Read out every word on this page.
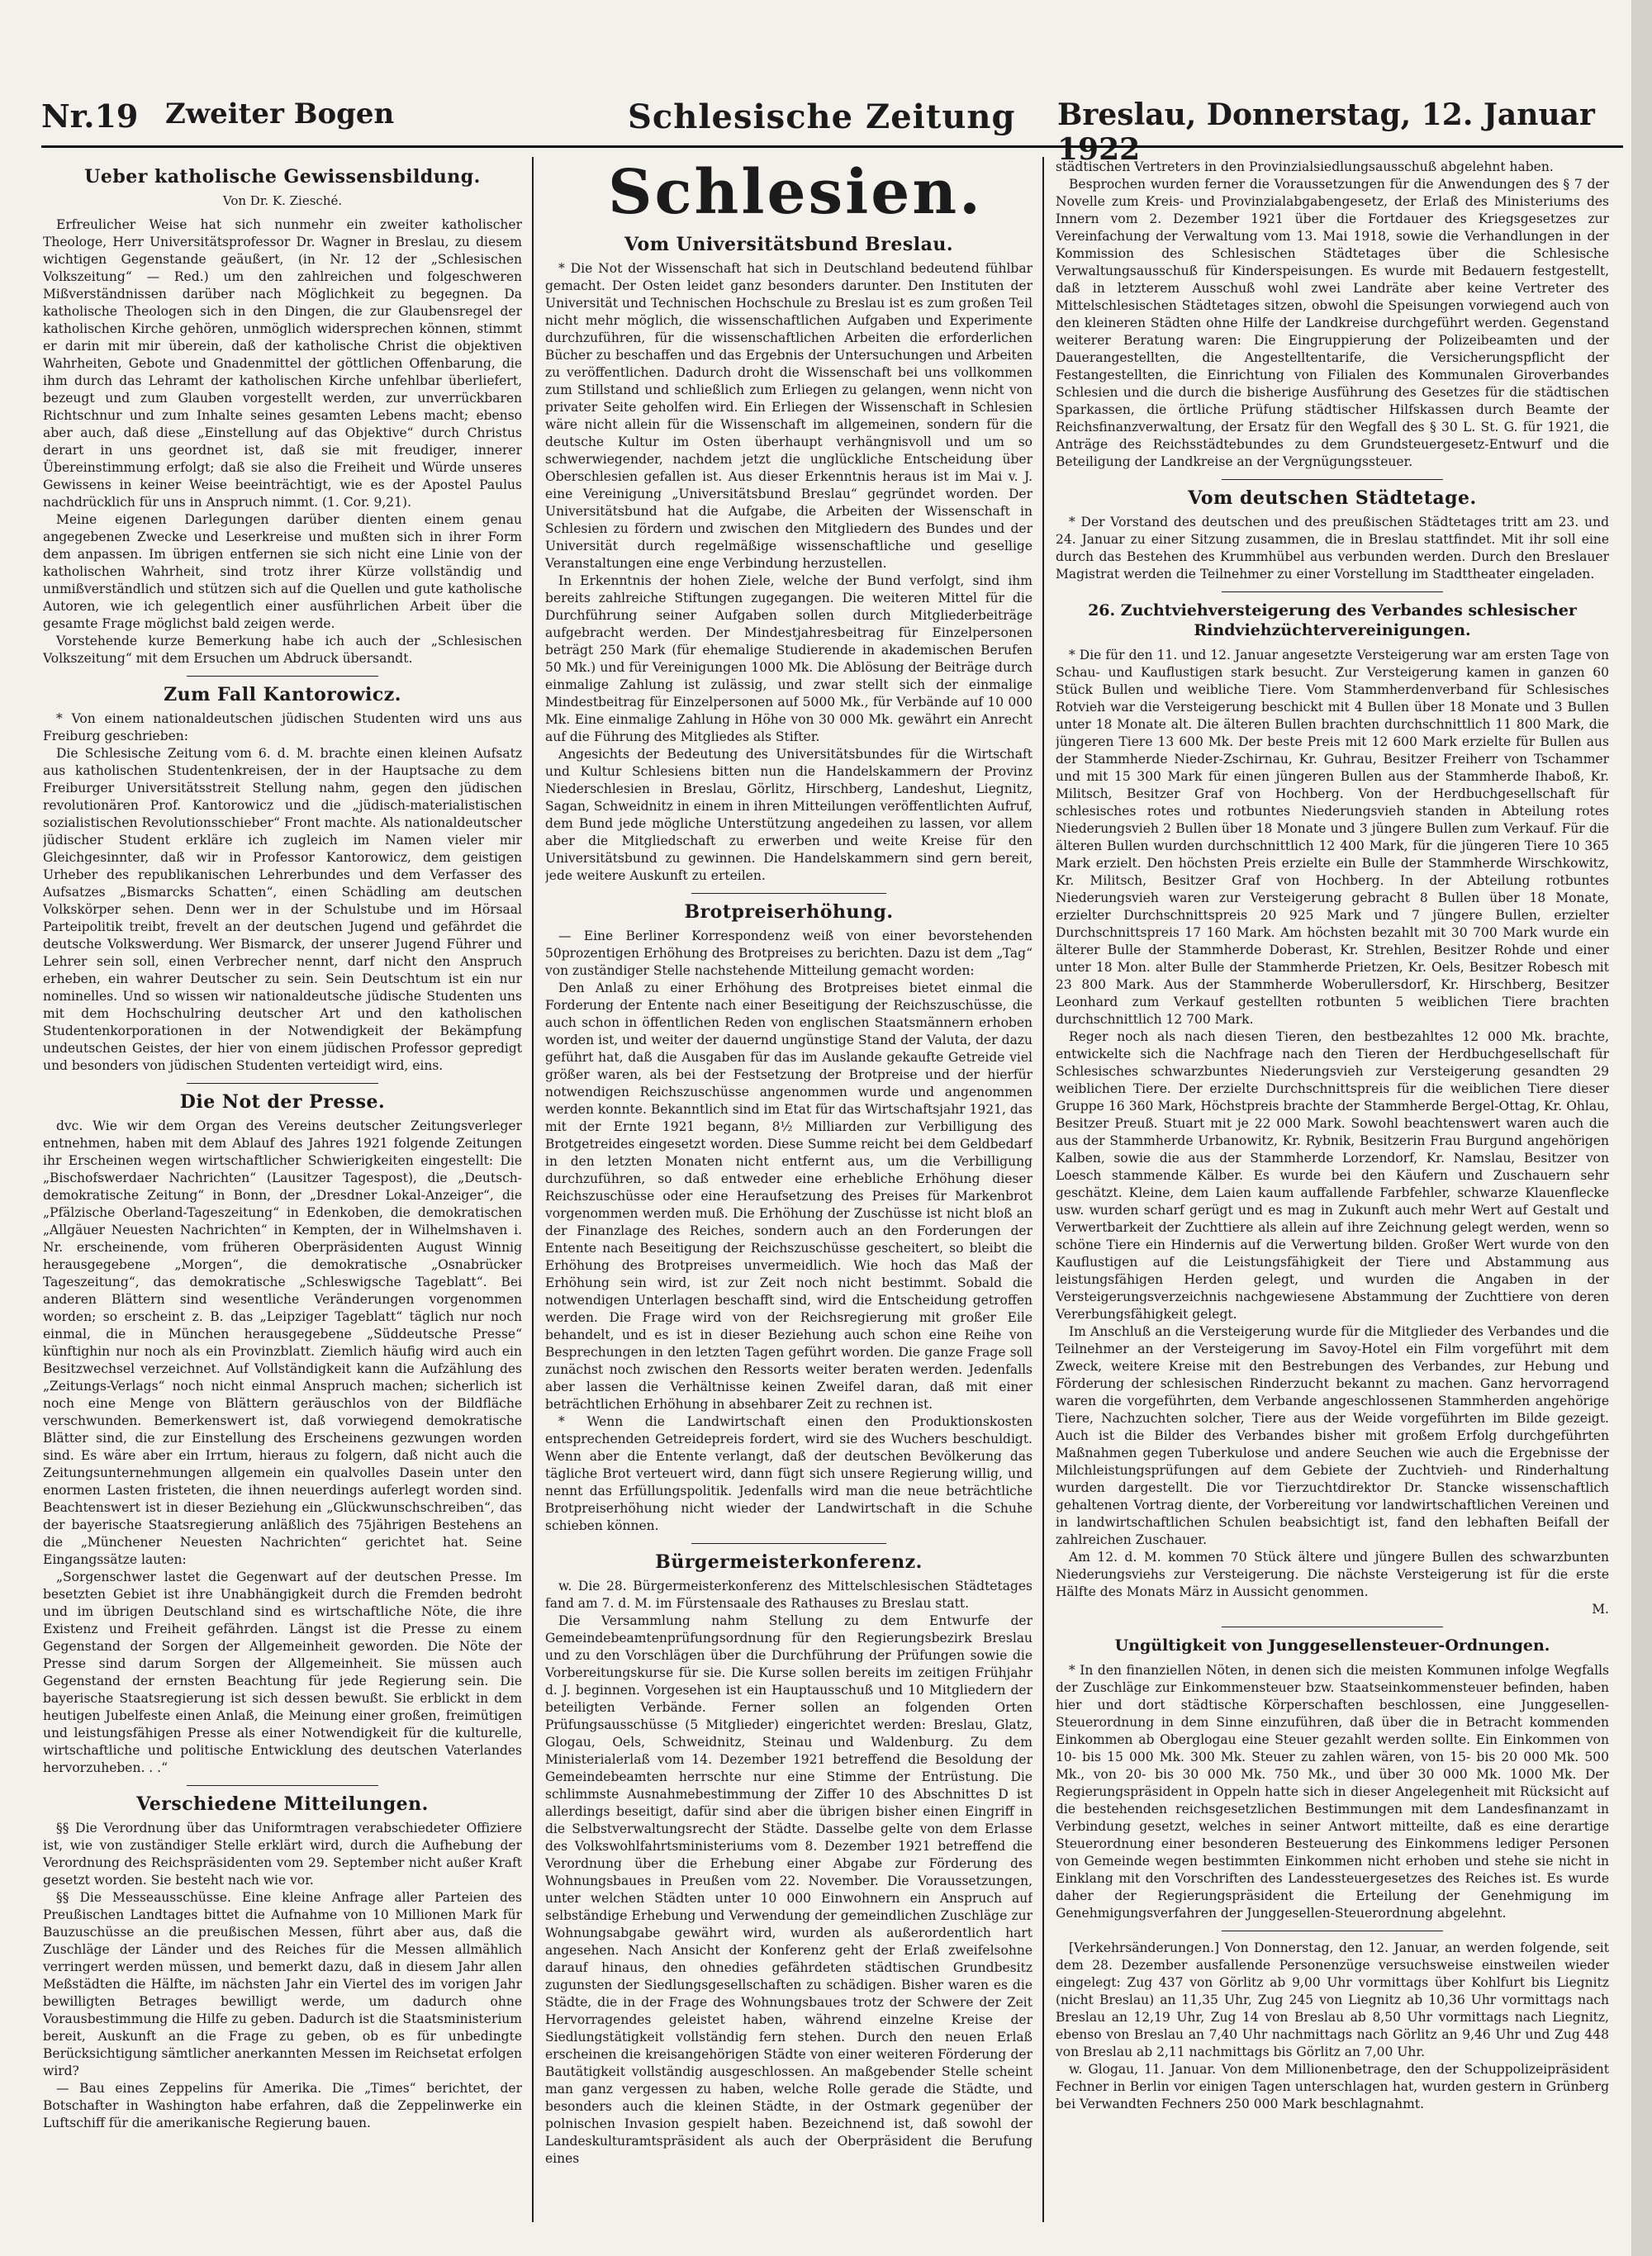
Nr.19 Zweiter Bogen	Schlesische Zeitung Breslau, Donnerstag, 12. Januar 1922

Ueber katholische Gewissensbildung.

Von Dr. K. Ziesché.

Erfreulicher Weise hat sich nunmehr ein zweiter katholischer Theologe, Herr Universitätsprofessor Dr. Wagner in Breslau, zu diesem wichtigen Gegenstande geäußert, (in Nr. 12 der „Schlesischen Volkszeitung“ — Red.) um den zahlreichen und folgeschweren Mißverständnissen darüber nach Möglichkeit zu begegnen. Da katholische Theologen sich in den Dingen, die zur Glaubensregel der katholischen Kirche gehören, unmöglich widersprechen können, stimmt er darin mit mir überein, daß der katholische Christ die objektiven Wahrheiten, Gebote und Gnadenmittel der göttlichen Offenbarung, die ihm durch das Lehramt der katholischen Kirche unfehlbar überliefert, bezeugt und zum Glauben vorgestellt werden, zur unverrückbaren Richtschnur und zum Inhalte seines gesamten Lebens macht; ebenso aber auch, daß diese „Einstellung auf das Objektive“ durch Christus derart in uns geordnet ist, daß sie mit freudiger, innerer Übereinstimmung erfolgt; daß sie also die Freiheit und Würde unseres Gewissens in keiner Weise beeinträchtigt, wie es der Apostel Paulus nachdrücklich für uns in Anspruch nimmt. (1. Cor. 9,21).

Meine eigenen Darlegungen darüber dienten einem genau angegebenen Zwecke und Leserkreise und mußten sich in ihrer Form dem anpassen. Im übrigen entfernen sie sich nicht eine Linie von der katholischen Wahrheit, sind trotz ihrer Kürze vollständig und unmißverständlich und stützen sich auf die Quellen und gute katholische Autoren, wie ich gelegentlich einer ausführlichen Arbeit über die gesamte Frage möglichst bald zeigen werde.

Vorstehende kurze Bemerkung habe ich auch der „Schlesischen Volkszeitung“ mit dem Ersuchen um Abdruck übersandt.

Zum Fall Kantorowicz.

* Von einem nationaldeutschen jüdischen Studenten wird uns aus Freiburg geschrieben:

Die Schlesische Zeitung vom 6. d. M. brachte einen kleinen Aufsatz aus katholischen Studentenkreisen, der in der Hauptsache zu dem Freiburger Universitätsstreit Stellung nahm, gegen den jüdischen revolutionären Prof. Kantorowicz und die „jüdisch-materialistischen sozialistischen Revolutionsschieber“ Front machte. Als nationaldeutscher jüdischer Student erkläre ich zugleich im Namen vieler mir Gleichgesinnter, daß wir in Professor Kantorowicz, dem geistigen Urheber des republikanischen Lehrerbundes und dem Verfasser des Aufsatzes „Bismarcks Schatten“, einen Schädling am deutschen Volkskörper sehen. Denn wer in der Schulstube und im Hörsaal Parteipolitik treibt, frevelt an der deutschen Jugend und gefährdet die deutsche Volkswerdung. Wer Bismarck, der unserer Jugend Führer und Lehrer sein soll, einen Verbrecher nennt, darf nicht den Anspruch erheben, ein wahrer Deutscher zu sein. Sein Deutschtum ist ein nur nominelles. Und so wissen wir nationaldeutsche jüdische Studenten uns mit dem Hochschulring deutscher Art und den katholischen Studentenkorporationen in der Notwendigkeit der Bekämpfung undeutschen Geistes, der hier von einem jüdischen Professor gepredigt und besonders von jüdischen Studenten verteidigt wird, eins.

Die Not der Presse.

dvc. Wie wir dem Organ des Vereins deutscher Zeitungsverleger entnehmen, haben mit dem Ablauf des Jahres 1921 folgende Zeitungen ihr Erscheinen wegen wirtschaftlicher Schwierigkeiten eingestellt: Die „Bischofswerdaer Nachrichten“ (Lausitzer Tagespost), die „Deutsch-demokratische Zeitung“ in Bonn, der „Dresdner Lokal-Anzeiger“, die „Pfälzische Oberland-Tageszeitung“ in Edenkoben, die demokratischen „Allgäuer Neuesten Nachrichten“ in Kempten, der in Wilhelmshaven i. Nr. erscheinende, vom früheren Oberpräsidenten August Winnig herausgegebene „Morgen“, die demokratische „Osnabrücker Tageszeitung“, das demokratische „Schleswigsche Tageblatt“. Bei anderen Blättern sind wesentliche Veränderungen vorgenommen worden; so erscheint z. B. das „Leipziger Tageblatt“ täglich nur noch einmal, die in München herausgegebene „Süddeutsche Presse“ künftighin nur noch als ein Provinzblatt. Ziemlich häufig wird auch ein Besitzwechsel verzeichnet. Auf Vollständigkeit kann die Aufzählung des „Zeitungs-Verlags“ noch nicht einmal Anspruch machen; sicherlich ist noch eine Menge von Blättern geräuschlos von der Bildfläche verschwunden. Bemerkenswert ist, daß vorwiegend demokratische Blätter sind, die zur Einstellung des Erscheinens gezwungen worden sind. Es wäre aber ein Irrtum, hieraus zu folgern, daß nicht auch die Zeitungsunternehmungen allgemein ein qualvolles Dasein unter den enormen Lasten fristeten, die ihnen neuerdings auferlegt worden sind. Beachtenswert ist in dieser Beziehung ein „Glückwunschschreiben“, das der bayerische Staatsregierung anläßlich des 75jährigen Bestehens an die „Münchener Neuesten Nachrichten“ gerichtet hat. Seine Eingangssätze lauten:

„Sorgenschwer lastet die Gegenwart auf der deutschen Presse. Im besetzten Gebiet ist ihre Unabhängigkeit durch die Fremden bedroht und im übrigen Deutschland sind es wirtschaftliche Nöte, die ihre Existenz und Freiheit gefährden. Längst ist die Presse zu einem Gegenstand der Sorgen der Allgemeinheit geworden. Die Nöte der Presse sind darum Sorgen der Allgemeinheit. Sie müssen auch Gegenstand der ernsten Beachtung für jede Regierung sein. Die bayerische Staatsregierung ist sich dessen bewußt. Sie erblickt in dem heutigen Jubelfeste einen Anlaß, die Meinung einer großen, freimütigen und leistungsfähigen Presse als einer Notwendigkeit für die kulturelle, wirtschaftliche und politische Entwicklung des deutschen Vaterlandes hervorzuheben. . .“

Verschiedene Mitteilungen.

§§ Die Verordnung über das Uniformtragen verabschiedeter Offiziere ist, wie von zuständiger Stelle erklärt wird, durch die Aufhebung der Verordnung des Reichspräsidenten vom 29. September nicht außer Kraft gesetzt worden. Sie besteht nach wie vor.

§§ Die Messeausschüsse. Eine kleine Anfrage aller Parteien des Preußischen Landtages bittet die Aufnahme von 10 Millionen Mark für Bauzuschüsse an die preußischen Messen, führt aber aus, daß die Zuschläge der Länder und des Reiches für die Messen allmählich verringert werden müssen, und bemerkt dazu, daß in diesem Jahr allen Meßstädten die Hälfte, im nächsten Jahr ein Viertel des im vorigen Jahr bewilligten Betrages bewilligt werde, um dadurch ohne Vorausbestimmung die Hilfe zu geben. Dadurch ist die Staatsministerium bereit, Auskunft an die Frage zu geben, ob es für unbedingte Berücksichtigung sämtlicher anerkannten Messen im Reichsetat erfolgen wird?

— Bau eines Zeppelins für Amerika. Die „Times“ berichtet, der Botschafter in Washington habe erfahren, daß die Zeppelinwerke ein Luftschiff für die amerikanische Regierung bauen.

Schlesien.

Vom Universitätsbund Breslau.

* Die Not der Wissenschaft hat sich in Deutschland bedeutend fühlbar gemacht. Der Osten leidet ganz besonders darunter. Den Instituten der Universität und Technischen Hochschule zu Breslau ist es zum großen Teil nicht mehr möglich, die wissenschaftlichen Aufgaben und Experimente durchzuführen, für die wissenschaftlichen Arbeiten die erforderlichen Bücher zu beschaffen und das Ergebnis der Untersuchungen und Arbeiten zu veröffentlichen. Dadurch droht die Wissenschaft bei uns vollkommen zum Stillstand und schließlich zum Erliegen zu gelangen, wenn nicht von privater Seite geholfen wird. Ein Erliegen der Wissenschaft in Schlesien wäre nicht allein für die Wissenschaft im allgemeinen, sondern für die deutsche Kultur im Osten überhaupt verhängnisvoll und um so schwerwiegender, nachdem jetzt die unglückliche Entscheidung über Oberschlesien gefallen ist. Aus dieser Erkenntnis heraus ist im Mai v. J. eine Vereinigung „Universitätsbund Breslau“ gegründet worden. Der Universitätsbund hat die Aufgabe, die Arbeiten der Wissenschaft in Schlesien zu fördern und zwischen den Mitgliedern des Bundes und der Universität durch regelmäßige wissenschaftliche und gesellige Veranstaltungen eine enge Verbindung herzustellen.

In Erkenntnis der hohen Ziele, welche der Bund verfolgt, sind ihm bereits zahlreiche Stiftungen zugegangen. Die weiteren Mittel für die Durchführung seiner Aufgaben sollen durch Mitgliederbeiträge aufgebracht werden. Der Mindestjahresbeitrag für Einzelpersonen beträgt 250 Mark (für ehemalige Studierende in akademischen Berufen 50 Mk.) und für Vereinigungen 1000 Mk. Die Ablösung der Beiträge durch einmalige Zahlung ist zulässig, und zwar stellt sich der einmalige Mindestbeitrag für Einzelpersonen auf 5000 Mk., für Verbände auf 10 000 Mk. Eine einmalige Zahlung in Höhe von 30 000 Mk. gewährt ein Anrecht auf die Führung des Mitgliedes als Stifter.

Angesichts der Bedeutung des Universitätsbundes für die Wirtschaft und Kultur Schlesiens bitten nun die Handelskammern der Provinz Niederschlesien in Breslau, Görlitz, Hirschberg, Landeshut, Liegnitz, Sagan, Schweidnitz in einem in ihren Mitteilungen veröffentlichten Aufruf, dem Bund jede mögliche Unterstützung angedeihen zu lassen, vor allem aber die Mitgliedschaft zu erwerben und weite Kreise für den Universitätsbund zu gewinnen. Die Handelskammern sind gern bereit, jede weitere Auskunft zu erteilen.

Brotpreiserhöhung.

— Eine Berliner Korrespondenz weiß von einer bevorstehenden 50prozentigen Erhöhung des Brotpreises zu berichten. Dazu ist dem „Tag“ von zuständiger Stelle nachstehende Mitteilung gemacht worden:

Den Anlaß zu einer Erhöhung des Brotpreises bietet einmal die Forderung der Entente nach einer Beseitigung der Reichszuschüsse, die auch schon in öffentlichen Reden von englischen Staatsmännern erhoben worden ist, und weiter der dauernd ungünstige Stand der Valuta, der dazu geführt hat, daß die Ausgaben für das im Auslande gekaufte Getreide viel größer waren, als bei der Festsetzung der Brotpreise und der hierfür notwendigen Reichszuschüsse angenommen wurde und angenommen werden konnte. Bekanntlich sind im Etat für das Wirtschaftsjahr 1921, das mit der Ernte 1921 begann, 8½ Milliarden zur Verbilligung des Brotgetreides eingesetzt worden. Diese Summe reicht bei dem Geldbedarf in den letzten Monaten nicht entfernt aus, um die Verbilligung durchzuführen, so daß entweder eine erhebliche Erhöhung dieser Reichszuschüsse oder eine Heraufsetzung des Preises für Markenbrot vorgenommen werden muß. Die Erhöhung der Zuschüsse ist nicht bloß an der Finanzlage des Reiches, sondern auch an den Forderungen der Entente nach Beseitigung der Reichszuschüsse gescheitert, so bleibt die Erhöhung des Brotpreises unvermeidlich. Wie hoch das Maß der Erhöhung sein wird, ist zur Zeit noch nicht bestimmt. Sobald die notwendigen Unterlagen beschafft sind, wird die Entscheidung getroffen werden. Die Frage wird von der Reichsregierung mit großer Eile behandelt, und es ist in dieser Beziehung auch schon eine Reihe von Besprechungen in den letzten Tagen geführt worden. Die ganze Frage soll zunächst noch zwischen den Ressorts weiter beraten werden. Jedenfalls aber lassen die Verhältnisse keinen Zweifel daran, daß mit einer beträchtlichen Erhöhung in absehbarer Zeit zu rechnen ist.

* Wenn die Landwirtschaft einen den Produktionskosten entsprechenden Getreidepreis fordert, wird sie des Wuchers beschuldigt. Wenn aber die Entente verlangt, daß der deutschen Bevölkerung das tägliche Brot verteuert wird, dann fügt sich unsere Regierung willig, und nennt das Erfüllungspolitik. Jedenfalls wird man die neue beträchtliche Brotpreiserhöhung nicht wieder der Landwirtschaft in die Schuhe schieben können.

Bürgermeisterkonferenz.

w. Die 28. Bürgermeisterkonferenz des Mittelschlesischen Städtetages fand am 7. d. M. im Fürstensaale des Rathauses zu Breslau statt.

Die Versammlung nahm Stellung zu dem Entwurfe der Gemeindebeamtenprüfungsordnung für den Regierungsbezirk Breslau und zu den Vorschlägen über die Durchführung der Prüfungen sowie die Vorbereitungskurse für sie. Die Kurse sollen bereits im zeitigen Frühjahr d. J. beginnen. Vorgesehen ist ein Hauptausschuß und 10 Mitgliedern der beteiligten Verbände. Ferner sollen an folgenden Orten Prüfungsausschüsse (5 Mitglieder) eingerichtet werden: Breslau, Glatz, Glogau, Oels, Schweidnitz, Steinau und Waldenburg. Zu dem Ministerialerlaß vom 14. Dezember 1921 betreffend die Besoldung der Gemeindebeamten herrschte nur eine Stimme der Entrüstung. Die schlimmste Ausnahmebestimmung der Ziffer 10 des Abschnittes D ist allerdings beseitigt, dafür sind aber die übrigen bisher einen Eingriff in die Selbstverwaltungsrecht der Städte. Dasselbe gelte von dem Erlasse des Volkswohlfahrtsministeriums vom 8. Dezember 1921 betreffend die Verordnung über die Erhebung einer Abgabe zur Förderung des Wohnungsbaues in Preußen vom 22. November. Die Voraussetzungen, unter welchen Städten unter 10 000 Einwohnern ein Anspruch auf selbständige Erhebung und Verwendung der gemeindlichen Zuschläge zur Wohnungsabgabe gewährt wird, wurden als außerordentlich hart angesehen. Nach Ansicht der Konferenz geht der Erlaß zweifelsohne darauf hinaus, den ohnedies gefährdeten städtischen Grundbesitz zugunsten der Siedlungsgesellschaften zu schädigen. Bisher waren es die Städte, die in der Frage des Wohnungsbaues trotz der Schwere der Zeit Hervorragendes geleistet haben, während einzelne Kreise der Siedlungstätigkeit vollständig fern stehen. Durch den neuen Erlaß erscheinen die kreisangehörigen Städte von einer weiteren Förderung der Bautätigkeit vollständig ausgeschlossen. An maßgebender Stelle scheint man ganz vergessen zu haben, welche Rolle gerade die Städte, und besonders auch die kleinen Städte, in der Ostmark gegenüber der polnischen Invasion gespielt haben. Bezeichnend ist, daß sowohl der Landeskulturamtspräsident als auch der Oberpräsident die Berufung eines

städtischen Vertreters in den Provinzialsiedlungsausschuß abgelehnt haben.

Besprochen wurden ferner die Voraussetzungen für die Anwendungen des § 7 der Novelle zum Kreis- und Provinzialabgabengesetz, der Erlaß des Ministeriums des Innern vom 2. Dezember 1921 über die Fortdauer des Kriegsgesetzes zur Vereinfachung der Verwaltung vom 13. Mai 1918, sowie die Verhandlungen in der Kommission des Schlesischen Städtetages über die Schlesische Verwaltungsausschuß für Kinderspeisungen. Es wurde mit Bedauern festgestellt, daß in letzterem Ausschuß wohl zwei Landräte aber keine Vertreter des Mittelschlesischen Städtetages sitzen, obwohl die Speisungen vorwiegend auch von den kleineren Städten ohne Hilfe der Landkreise durchgeführt werden. Gegenstand weiterer Beratung waren: Die Eingruppierung der Polizeibeamten und der Dauerangestellten, die Angestelltentarife, die Versicherungspflicht der Festangestellten, die Einrichtung von Filialen des Kommunalen Giroverbandes Schlesien und die durch die bisherige Ausführung des Gesetzes für die städtischen Sparkassen, die örtliche Prüfung städtischer Hilfskassen durch Beamte der Reichsfinanzverwaltung, der Ersatz für den Wegfall des § 30 L. St. G. für 1921, die Anträge des Reichsstädtebundes zu dem Grundsteuergesetz-Entwurf und die Beteiligung der Landkreise an der Vergnügungssteuer.

Vom deutschen Städtetage.

* Der Vorstand des deutschen und des preußischen Städtetages tritt am 23. und 24. Januar zu einer Sitzung zusammen, die in Breslau stattfindet. Mit ihr soll eine durch das Bestehen des Krummhübel aus verbunden werden. Durch den Breslauer Magistrat werden die Teilnehmer zu einer Vorstellung im Stadttheater eingeladen.

26. Zuchtviehversteigerung des Verbandes schlesischer Rindviehzüchtervereinigungen.

* Die für den 11. und 12. Januar angesetzte Versteigerung war am ersten Tage von Schau- und Kauflustigen stark besucht. Zur Versteigerung kamen in ganzen 60 Stück Bullen und weibliche Tiere. Vom Stammherdenverband für Schlesisches Rotvieh war die Versteigerung beschickt mit 4 Bullen über 18 Monate und 3 Bullen unter 18 Monate alt. Die älteren Bullen brachten durchschnittlich 11 800 Mark, die jüngeren Tiere 13 600 Mk. Der beste Preis mit 12 600 Mark erzielte für Bullen aus der Stammherde Nieder-Zschirnau, Kr. Guhrau, Besitzer Freiherr von Tschammer und mit 15 300 Mark für einen jüngeren Bullen aus der Stammherde Ihaboß, Kr. Militsch, Besitzer Graf von Hochberg. Von der Herdbuchgesellschaft für schlesisches rotes und rotbuntes Niederungsvieh standen in Abteilung rotes Niederungsvieh 2 Bullen über 18 Monate und 3 jüngere Bullen zum Verkauf. Für die älteren Bullen wurden durchschnittlich 12 400 Mark, für die jüngeren Tiere 10 365 Mark erzielt. Den höchsten Preis erzielte ein Bulle der Stammherde Wirschkowitz, Kr. Militsch, Besitzer Graf von Hochberg. In der Abteilung rotbuntes Niederungsvieh waren zur Versteigerung gebracht 8 Bullen über 18 Monate, erzielter Durchschnittspreis 20 925 Mark und 7 jüngere Bullen, erzielter Durchschnittspreis 17 160 Mark. Am höchsten bezahlt mit 30 700 Mark wurde ein älterer Bulle der Stammherde Doberast, Kr. Strehlen, Besitzer Rohde und einer unter 18 Mon. alter Bulle der Stammherde Prietzen, Kr. Oels, Besitzer Robesch mit 23 800 Mark. Aus der Stammherde Woberullersdorf, Kr. Hirschberg, Besitzer Leonhard zum Verkauf gestellten rotbunten 5 weiblichen Tiere brachten durchschnittlich 12 700 Mark.

Reger noch als nach diesen Tieren, den bestbezahltes 12 000 Mk. brachte, entwickelte sich die Nachfrage nach den Tieren der Herdbuchgesellschaft für Schlesisches schwarzbuntes Niederungsvieh zur Versteigerung gesandten 29 weiblichen Tiere. Der erzielte Durchschnittspreis für die weiblichen Tiere dieser Gruppe 16 360 Mark, Höchstpreis brachte der Stammherde Bergel-Ottag, Kr. Ohlau, Besitzer Preuß. Stuart mit je 22 000 Mark. Sowohl beachtenswert waren auch die aus der Stammherde Urbanowitz, Kr. Rybnik, Besitzerin Frau Burgund angehörigen Kalben, sowie die aus der Stammherde Lorzendorf, Kr. Namslau, Besitzer von Loesch stammende Kälber. Es wurde bei den Käufern und Zuschauern sehr geschätzt. Kleine, dem Laien kaum auffallende Farbfehler, schwarze Klauenflecke usw. wurden scharf gerügt und es mag in Zukunft auch mehr Wert auf Gestalt und Verwertbarkeit der Zuchttiere als allein auf ihre Zeichnung gelegt werden, wenn so schöne Tiere ein Hindernis auf die Verwertung bilden. Großer Wert wurde von den Kauflustigen auf die Leistungsfähigkeit der Tiere und Abstammung aus leistungsfähigen Herden gelegt, und wurden die Angaben in der Versteigerungsverzeichnis nachgewiesene Abstammung der Zuchttiere von deren Vererbungsfähigkeit gelegt.

Im Anschluß an die Versteigerung wurde für die Mitglieder des Verbandes und die Teilnehmer an der Versteigerung im Savoy-Hotel ein Film vorgeführt mit dem Zweck, weitere Kreise mit den Bestrebungen des Verbandes, zur Hebung und Förderung der schlesischen Rinderzucht bekannt zu machen. Ganz hervorragend waren die vorgeführten, dem Verbande angeschlossenen Stammherden angehörige Tiere, Nachzuchten solcher, Tiere aus der Weide vorgeführten im Bilde gezeigt. Auch ist die Bilder des Verbandes bisher mit großem Erfolg durchgeführten Maßnahmen gegen Tuberkulose und andere Seuchen wie auch die Ergebnisse der Milchleistungsprüfungen auf dem Gebiete der Zuchtvieh- und Rinderhaltung wurden dargestellt. Die vor Tierzuchtdirektor Dr. Stancke wissenschaftlich gehaltenen Vortrag diente, der Vorbereitung vor landwirtschaftlichen Vereinen und in landwirtschaftlichen Schulen beabsichtigt ist, fand den lebhaften Beifall der zahlreichen Zuschauer.

Am 12. d. M. kommen 70 Stück ältere und jüngere Bullen des schwarzbunten Niederungsviehs zur Versteigerung. Die nächste Versteigerung ist für die erste Hälfte des Monats März in Aussicht genommen.

M.

Ungültigkeit von Junggesellensteuer-Ordnungen.

* In den finanziellen Nöten, in denen sich die meisten Kommunen infolge Wegfalls der Zuschläge zur Einkommensteuer bzw. Staatseinkommensteuer befinden, haben hier und dort städtische Körperschaften beschlossen, eine Junggesellen-Steuerordnung in dem Sinne einzuführen, daß über die in Betracht kommenden Einkommen ab Oberglogau eine Steuer gezahlt werden sollte. Ein Einkommen von 10- bis 15 000 Mk. 300 Mk. Steuer zu zahlen wären, von 15- bis 20 000 Mk. 500 Mk., von 20- bis 30 000 Mk. 750 Mk., und über 30 000 Mk. 1000 Mk. Der Regierungspräsident in Oppeln hatte sich in dieser Angelegenheit mit Rücksicht auf die bestehenden reichsgesetzlichen Bestimmungen mit dem Landesfinanzamt in Verbindung gesetzt, welches in seiner Antwort mitteilte, daß es eine derartige Steuerordnung einer besonderen Besteuerung des Einkommens lediger Personen von Gemeinde wegen bestimmten Einkommen nicht erhoben und stehe sie nicht in Einklang mit den Vorschriften des Landessteuergesetzes des Reiches ist. Es wurde daher der Regierungspräsident die Erteilung der Genehmigung im Genehmigungsverfahren der Junggesellen-Steuerordnung abgelehnt.

[Verkehrsänderungen.] Von Donnerstag, den 12. Januar, an werden folgende, seit dem 28. Dezember ausfallende Personenzüge versuchsweise einstweilen wieder eingelegt: Zug 437 von Görlitz ab 9,00 Uhr vormittags über Kohlfurt bis Liegnitz (nicht Breslau) an 11,35 Uhr, Zug 245 von Liegnitz ab 10,36 Uhr vormittags nach Breslau an 12,19 Uhr, Zug 14 von Breslau ab 8,50 Uhr vormittags nach Liegnitz, ebenso von Breslau an 7,40 Uhr nachmittags nach Görlitz an 9,46 Uhr und Zug 448 von Breslau ab 2,11 nachmittags bis Görlitz an 7,00 Uhr.

w. Glogau, 11. Januar. Von dem Millionenbetrage, den der Schuppolizeipräsident Fechner in Berlin vor einigen Tagen unterschlagen hat, wurden gestern in Grünberg bei Verwandten Fechners 250 000 Mark beschlagnahmt.
